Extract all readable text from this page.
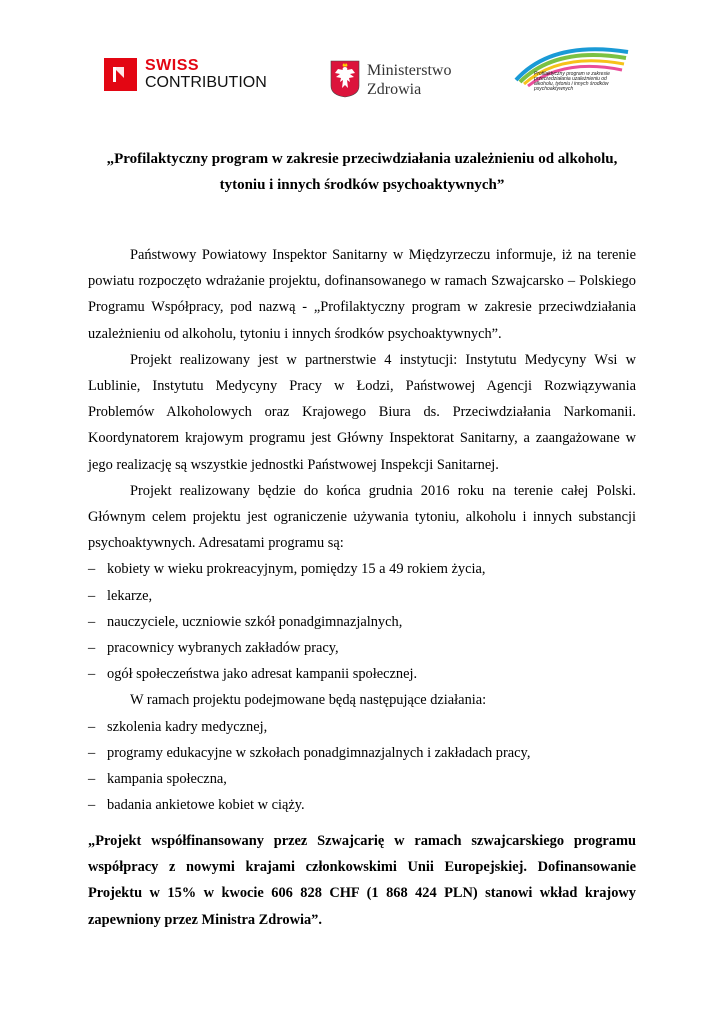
SWISS
CONTRIBUTION
Ministerstwo
Zdrowia
Profilaktyczny program w zakresie przeciwdziałania uzależnieniu od alkoholu, tytoniu i innych środków psychoaktywnych
„Profilaktyczny program w zakresie przeciwdziałania uzależnieniu od alkoholu,
tytoniu i innych środków psychoaktywnych”

Państwowy Powiatowy Inspektor Sanitarny w Międzyrzeczu informuje, iż na terenie powiatu rozpoczęto wdrażanie projektu, dofinansowanego w ramach Szwajcarsko – Polskiego Programu Współpracy, pod nazwą - „Profilaktyczny program w zakresie przeciwdziałania uzależnieniu od alkoholu, tytoniu i innych środków psychoaktywnych”.

Projekt realizowany jest w partnerstwie 4 instytucji: Instytutu Medycyny Wsi w Lublinie, Instytutu Medycyny Pracy w Łodzi, Państwowej Agencji Rozwiązywania Problemów Alkoholowych oraz Krajowego Biura ds. Przeciwdziałania Narkomanii. Koordynatorem krajowym programu jest Główny Inspektorat Sanitarny, a zaangażowane w jego realizację są wszystkie jednostki Państwowej Inspekcji Sanitarnej.

Projekt realizowany będzie do końca grudnia 2016 roku na terenie całej Polski. Głównym celem projektu jest ograniczenie używania tytoniu, alkoholu i innych substancji psychoaktywnych. Adresatami programu są:

– kobiety w wieku prokreacyjnym, pomiędzy 15 a 49 rokiem życia,
– lekarze,
– nauczyciele, uczniowie szkół ponadgimnazjalnych,
– pracownicy wybranych zakładów pracy,
– ogół społeczeństwa jako adresat kampanii społecznej.

W ramach projektu podejmowane będą następujące działania:

– szkolenia kadry medycznej,
– programy edukacyjne w szkołach ponadgimnazjalnych i zakładach pracy,
– kampania społeczna,
– badania ankietowe kobiet w ciąży.
„Projekt współfinansowany przez Szwajcarię w ramach szwajcarskiego programu współpracy z nowymi krajami członkowskimi Unii Europejskiej. Dofinansowanie Projektu w 15% w kwocie 606 828 CHF (1 868 424 PLN) stanowi wkład krajowy zapewniony przez Ministra Zdrowia”.
